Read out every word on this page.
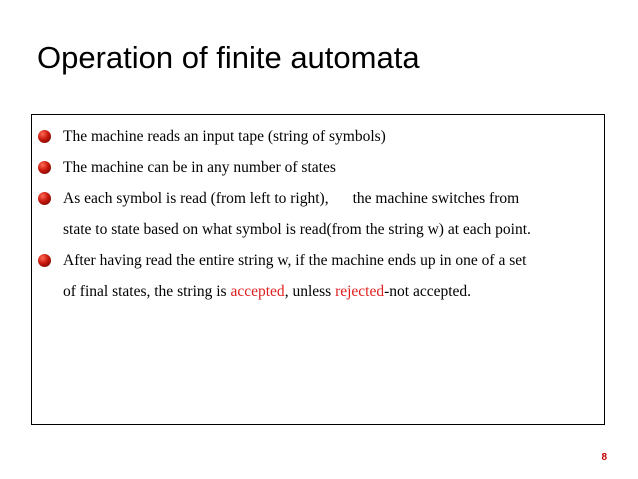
Operation of finite automata
The machine reads an input tape (string of symbols)
The machine can be in any number of states
As each symbol is read (from left to right), the machine switches from
state to state based on what symbol is read(from the string w) at each point.
After having read the entire string w, if the machine ends up in one of a set
of final states, the string is accepted, unless rejected-not accepted.
8
